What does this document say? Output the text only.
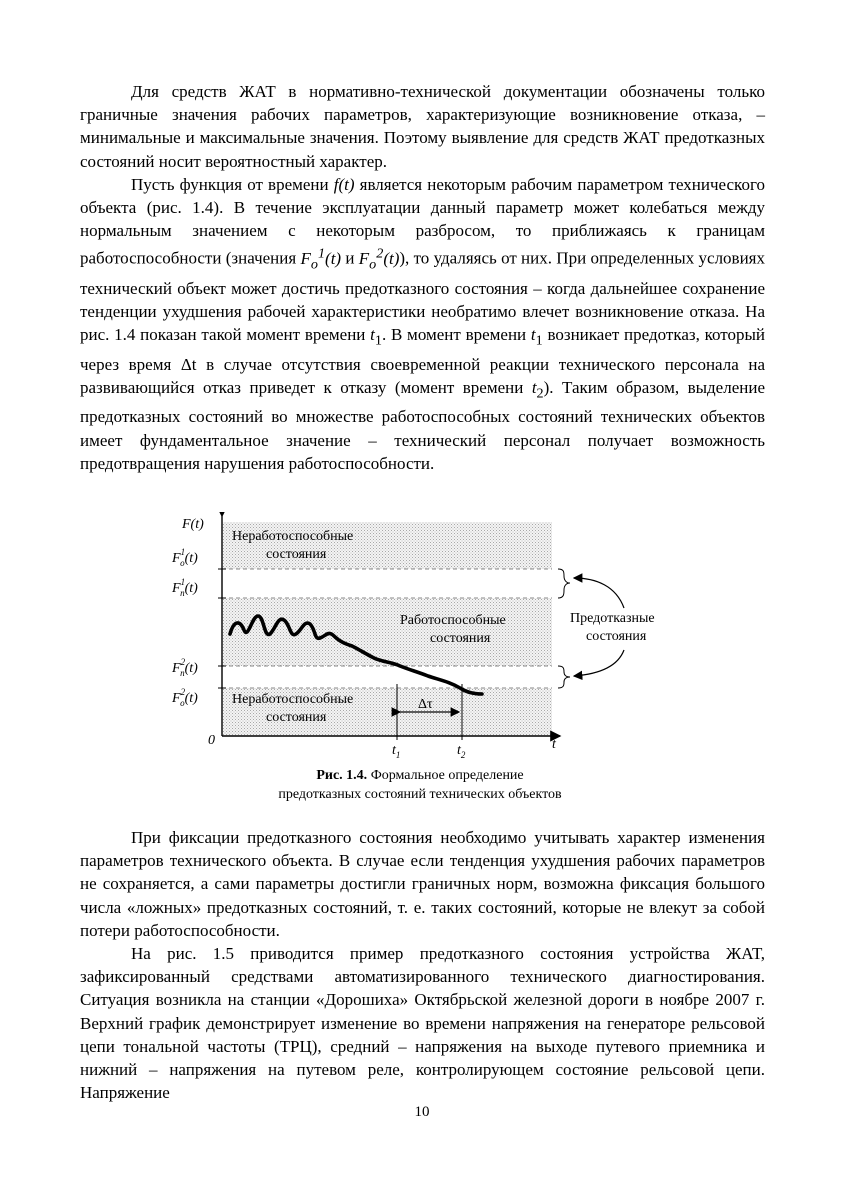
Для средств ЖАТ в нормативно-технической документации обозначены только граничные значения рабочих параметров, характеризующие возникновение отказа, – минимальные и максимальные значения. Поэтому выявление для средств ЖАТ предотказных состояний носит вероятностный характер.

Пусть функция от времени f(t) является некоторым рабочим параметром технического объекта (рис. 1.4). В течение эксплуатации данный параметр может колебаться между нормальным значением с некоторым разбросом, то приближаясь к границам работоспособности (значения $F_o^1(t)$ и $F_o^2(t)$), то удаляясь от них. При определенных условиях технический объект может достичь предотказного состояния – когда дальнейшее сохранение тенденции ухудшения рабочей характеристики необратимо влечет возникновение отказа. На рис. 1.4 показан такой момент времени $t_1$. В момент времени $t_1$ возникает предотказ, который через время Δt в случае отсутствия своевременной реакции технического персонала на развивающийся отказ приведет к отказу (момент времени $t_2$). Таким образом, выделение предотказных состояний во множестве работоспособных состояний технических объектов имеет фундаментальное значение – технический персонал получает возможность предотвращения нарушения работоспособности.

F(t)
$F^1$ o(t)
$F^1$ п(t)
$F^2$ п(t)
$F^2$ o(t)
0	t
$t_1$	$t_2$
Неработоспособные
состояния
Работоспособные
состояния
Неработоспособные
состояния
Δτ
Предотказные
состояния
Рис. 1.4. Формальное определение
предотказных состояний технических объектов

При фиксации предотказного состояния необходимо учитывать характер изменения параметров технического объекта. В случае если тенденция ухудшения рабочих параметров не сохраняется, а сами параметры достигли граничных норм, возможна фиксация большого числа «ложных» предотказных состояний, т. е. таких состояний, которые не влекут за собой потери работоспособности.

На рис. 1.5 приводится пример предотказного состояния устройства ЖАТ, зафиксированный средствами автоматизированного технического диагностирования. Ситуация возникла на станции «Дорошиха» Октябрьской железной дороги в ноябре 2007 г. Верхний график демонстрирует изменение во времени напряжения на генераторе рельсовой цепи тональной частоты (ТРЦ), средний – напряжения на выходе путевого приемника и нижний – напряжения на путевом реле, контролирующем состояние рельсовой цепи. Напряжение

10
